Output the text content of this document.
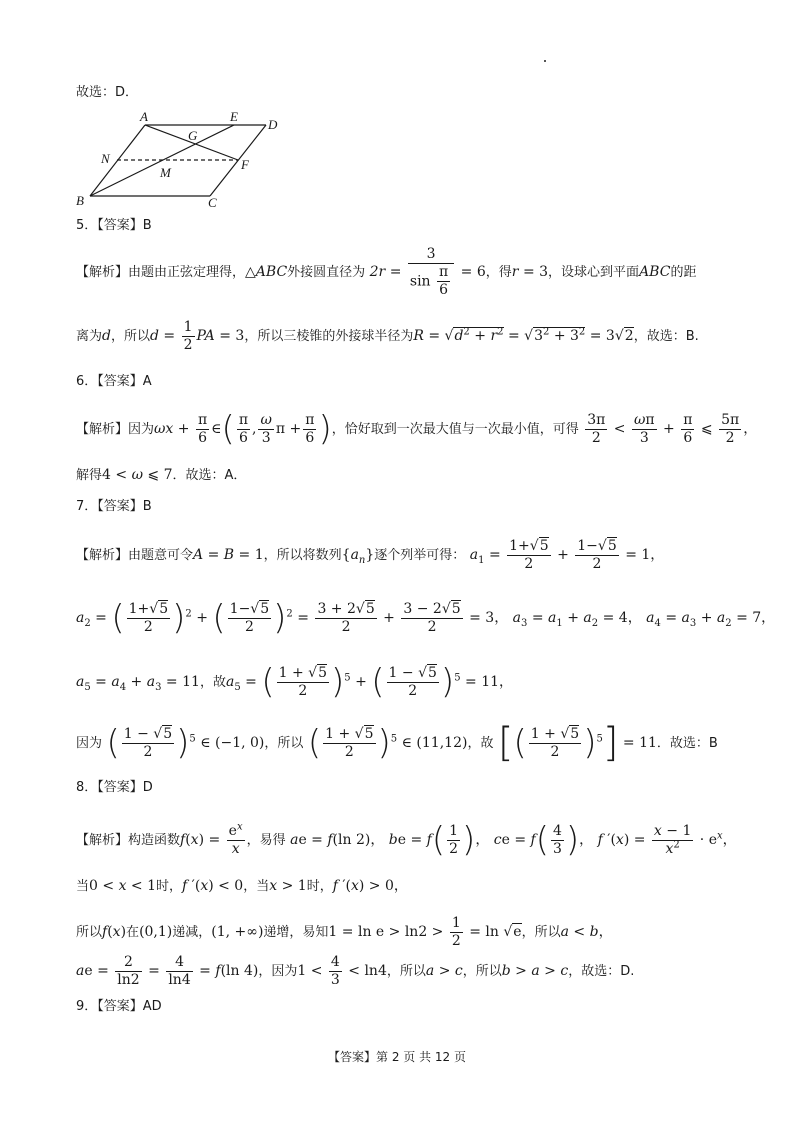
故选：D．
A	E
D
G
N	F
M
B	C
5．【答案】B
【解析】由题由正弦定理得，△ABC外接圆直径为 $2r = \frac{3}{\sin \frac{\pi}{6}} = 6$，得r = 3，设球心到平面ABC的距
离为d，所以$d = \frac{1}{2}$ PA = 3，所以三棱锥的外接球半径为$R = √d^2 + r^2 = √3^2 + 3^2 = 3√2$，故选：B.
6．【答案】A
【解析】因为$\omega x + \frac{\pi}{6}$ ∈( $\frac{\pi}{6}$ , $\frac{\omega}{3}$ $\pi + \frac{\pi}{6}$ )，恰好取到一次最大值与一次最小值，可得 $\frac{3\pi}{2} < \frac{\omega\pi}{3} + \frac{\pi}{6}$ ⩽ $\frac{5\pi}{2}$ ，
解得4 < ω ⩽ 7．故选：A．
7．【答案】B
【解析】由题意可令A = B = 1，所以将数列$\{a_n\}$逐个列举可得： $a_1 = \frac{1+√5}{2} + \frac{1-√5}{2} = 1$，
$a_2$ = ( $\frac{1+√5}{2} )^2$ + ( $\frac{1-√5}{2} )^2 = \frac{3 + 2√5}{2} + \frac{3 - 2√5}{2} = 3$， $a_3 = a_1 + a_2 = 4$， $a_4 = a_3 + a_2 = 7$，
$a_5 = a_4 + a_3 = 11$，故$a_5$ = ( $\frac{1 + √5}{2} )^5$ + ( $\frac{1 - √5}{2} )^5 = 11$，
因为 ( $\frac{1 - √5}{2} )^5$ ∈ (−1, 0)，所以 ( $\frac{1 + √5}{2} )^5$ ∈ (11,12)，故 [( $\frac{1 + √5}{2} )^5] = 11$．故选：B
8．【答案】D
【解析】构造函数$f(x) = \frac{e^x}{x}$ ，易得 ae = f(ln 2)， be = $f( \frac{1}{2}$ )， ce = $f( \frac{4}{3}$ )， f $'(x) = \frac{x - 1}{x^2} \cdot e^x$，
当0 < x < 1时，f ′(x) < 0，当x > 1时，f ′(x) > 0，
所以f(x)在(0,1)递减，(1, +∞)递增，易知$1 = \ln e > \ln 2 > \frac{1}{2} = \ln √e$，所以a < b，
ae = $\frac{2}{\ln 2} = \frac{4}{\ln 4} = f(\ln$ 4)，因为$1 < \frac{4}{3} < \ln 4$，所以a > c，所以b > a > c，故选：D.
9．【答案】AD
【答案】第 2 页 共 12 页
